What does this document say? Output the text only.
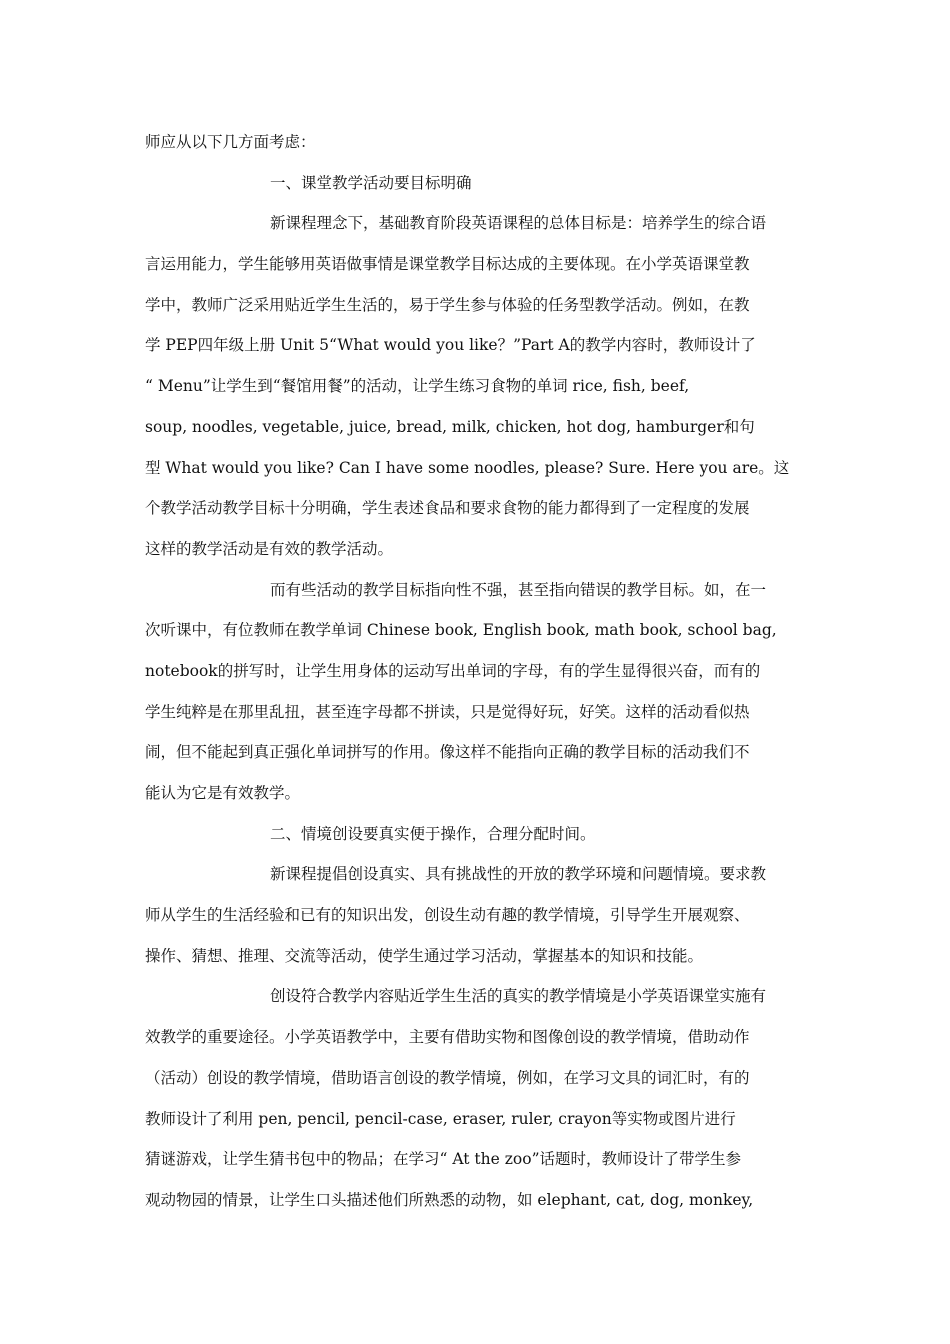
师应从以下几方面考虑：
一、课堂教学活动要目标明确
新课程理念下，基础教育阶段英语课程的总体目标是：培养学生的综合语
言运用能力，学生能够用英语做事情是课堂教学目标达成的主要体现。在小学英语课堂教
学中，教师广泛采用贴近学生生活的，易于学生参与体验的任务型教学活动。例如，在教
学 PEP四年级上册 Unit 5“What would you like？”Part A的教学内容时，教师设计了
“ Menu”让学生到“餐馆用餐”的活动，让学生练习食物的单词 rice, fish, beef,
soup, noodles, vegetable, juice, bread, milk, chicken, hot dog, hamburger和句
型 What would you like? Can I have some noodles, please? Sure. Here you are。这
个教学活动教学目标十分明确，学生表述食品和要求食物的能力都得到了一定程度的发展
这样的教学活动是有效的教学活动。
而有些活动的教学目标指向性不强，甚至指向错误的教学目标。如，在一
次听课中，有位教师在教学单词 Chinese book, English book, math book, school bag,
notebook的拼写时，让学生用身体的运动写出单词的字母，有的学生显得很兴奋，而有的
学生纯粹是在那里乱扭，甚至连字母都不拼读，只是觉得好玩，好笑。这样的活动看似热
闹，但不能起到真正强化单词拼写的作用。像这样不能指向正确的教学目标的活动我们不
能认为它是有效教学。
二、情境创设要真实便于操作，合理分配时间。
新课程提倡创设真实、具有挑战性的开放的教学环境和问题情境。要求教
师从学生的生活经验和已有的知识出发，创设生动有趣的教学情境，引导学生开展观察、
操作、猜想、推理、交流等活动，使学生通过学习活动，掌握基本的知识和技能。
创设符合教学内容贴近学生生活的真实的教学情境是小学英语课堂实施有
效教学的重要途径。小学英语教学中，主要有借助实物和图像创设的教学情境，借助动作
（活动）创设的教学情境，借助语言创设的教学情境，例如，在学习文具的词汇时，有的
教师设计了利用 pen, pencil, pencil-case, eraser, ruler, crayon等实物或图片进行
猜谜游戏，让学生猜书包中的物品；在学习“ At the zoo”话题时，教师设计了带学生参
观动物园的情景，让学生口头描述他们所熟悉的动物，如 elephant, cat, dog, monkey,
